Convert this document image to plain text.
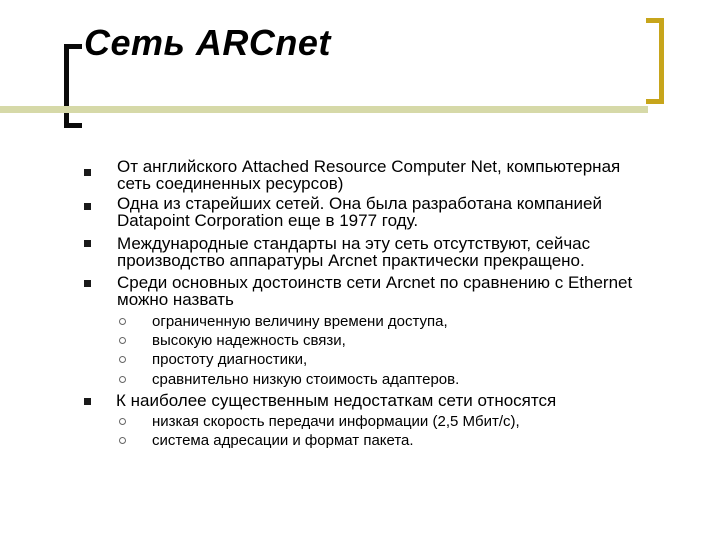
Сеть ARCnet
От английского Attached Resource Computer Net, компьютерная
сеть соединенных ресурсов)
Одна из старейших сетей. Она была разработана компанией
Datapoint Corporation еще в 1977 году.
Международные стандарты на эту сеть отсутствуют, сейчас
производство аппаратуры Arcnet практически прекращено.
Среди основных достоинств сети Arcnet по сравнению с Ethernet
можно назвать
ограниченную величину времени доступа,
высокую надежность связи,
простоту диагностики,
сравнительно низкую стоимость адаптеров.
К наиболее существенным недостаткам сети относятся
низкая скорость передачи информации (2,5 Мбит/с),
система адресации и формат пакета.
